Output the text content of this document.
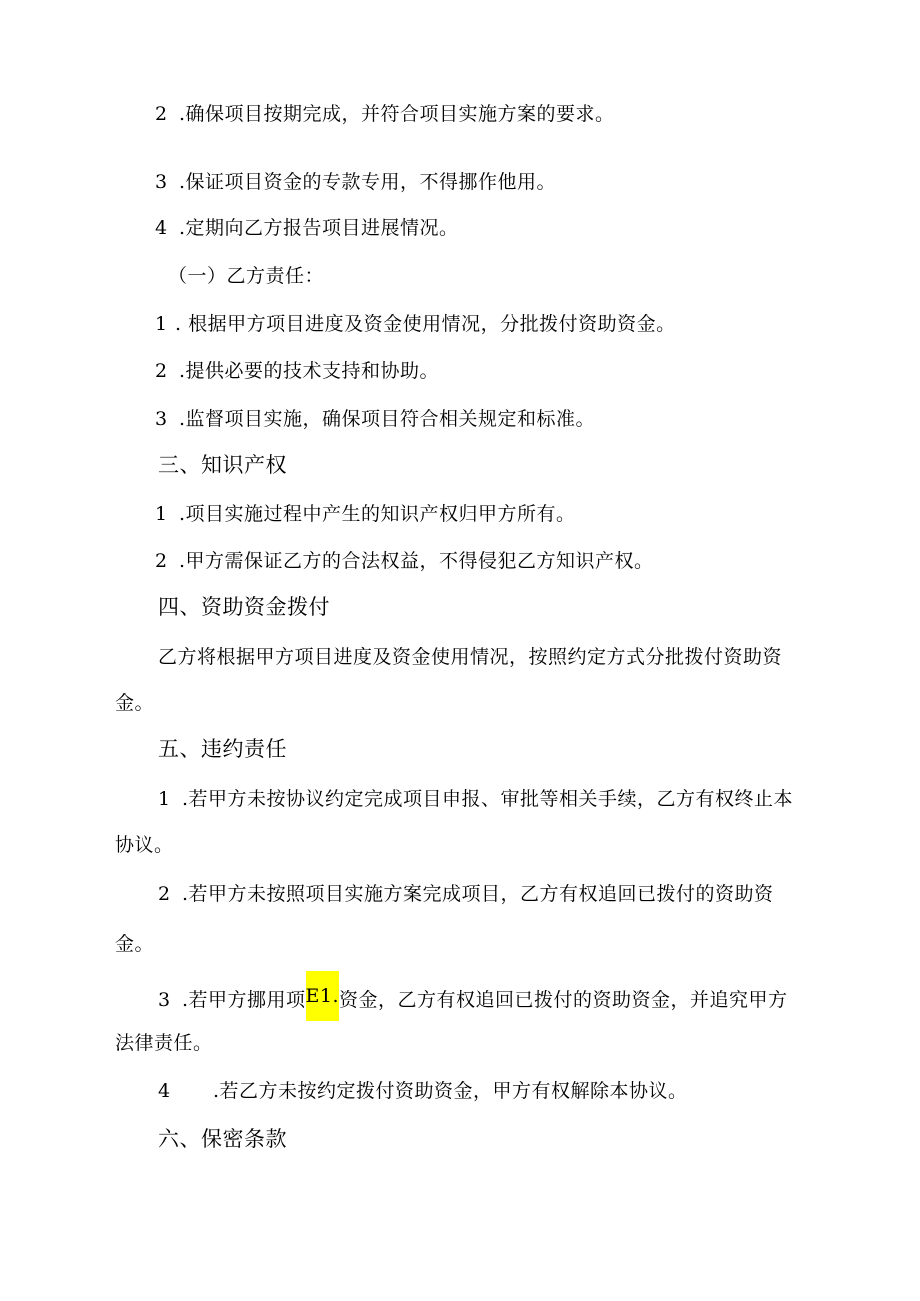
2 .确保项目按期完成，并符合项目实施方案的要求。
3 .保证项目资金的专款专用，不得挪作他用。
4 .定期向乙方报告项目进展情况。
（一）乙方责任：
1 . 根据甲方项目进度及资金使用情况，分批拨付资助资金。
2 .提供必要的技术支持和协助。
3 .监督项目实施，确保项目符合相关规定和标准。
三、知识产权
1 .项目实施过程中产生的知识产权归甲方所有。
2 .甲方需保证乙方的合法权益，不得侵犯乙方知识产权。
四、资助资金拨付
乙方将根据甲方项目进度及资金使用情况，按照约定方式分批拨付资助资
金。
五、违约责任
1 .若甲方未按协议约定完成项目申报、审批等相关手续，乙方有权终止本
协议。
2 .若甲方未按照项目实施方案完成项目，乙方有权追回已拨付的资助资
金。
3 .若甲方挪用项E1.资金，乙方有权追回已拨付的资助资金，并追究甲方
法律责任。
4 .若乙方未按约定拨付资助资金，甲方有权解除本协议。
六、保密条款
